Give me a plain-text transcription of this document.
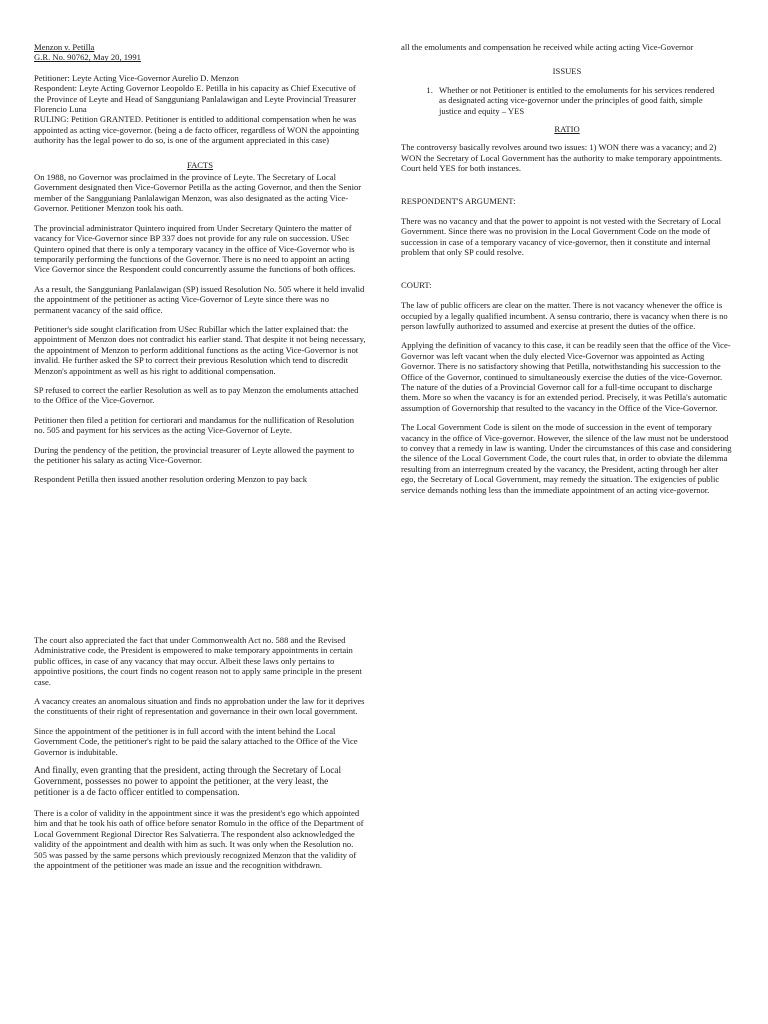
Menzon v. Petilla

G.R. No. 90762, May 20, 1991

Petitioner: Leyte Acting Vice-Governor Aurelio D. Menzon

Respondent: Leyte Acting Governor Leopoldo E. Petilla in his capacity as Chief Executive of the Province of Leyte and Head of Sangguniang Panlalawigan and Leyte Provincial Treasurer Florencio Luna

RULING: Petition GRANTED. Petitioner is entitled to additional compensation when he was appointed as acting vice-governor. (being a de facto officer, regardless of WON the appointing authority has the legal power to do so, is one of the argument appreciated in this case)

FACTS

On 1988, no Governor was proclaimed in the province of Leyte. The Secretary of Local Government designated then Vice-Governor Petilla as the acting Governor, and then the Senior member of the Sangguniang Panlalawigan Menzon, was also designated as the acting Vice-Governor. Petitioner Menzon took his oath.

The provincial administrator Quintero inquired from Under Secretary Quintero the matter of vacancy for Vice-Governor since BP 337 does not provide for any rule on succession. USec Quintero opined that there is only a temporary vacancy in the office of Vice-Governor who is temporarily performing the functions of the Governor. There is no need to appoint an acting Vice Governor since the Respondent could concurrently assume the functions of both offices.

As a result, the Sangguniang Panlalawigan (SP) issued Resolution No. 505 where it held invalid the appointment of the petitioner as acting Vice-Governor of Leyte since there was no permanent vacancy of the said office.

Petitioner's side sought clarification from USec Rubillar which the latter explained that: the appointment of Menzon does not contradict his earlier stand. That despite it not being necessary, the appointment of Menzon to perform additional functions as the acting Vice-Governor is not invalid. He further asked the SP to correct their previous Resolution which tend to discredit Menzon's appointment as well as his right to additional compensation.

SP refused to correct the earlier Resolution as well as to pay Menzon the emoluments attached to the Office of the Vice-Governor.

Petitioner then filed a petition for certiorari and mandamus for the nullification of Resolution no. 505 and payment for his services as the acting Vice-Governor of Leyte.

During the pendency of the petition, the provincial treasurer of Leyte allowed the payment to the petitioner his salary as acting Vice-Governor.

Respondent Petilla then issued another resolution ordering Menzon to pay back

all the emoluments and compensation he received while acting acting Vice-Governor

ISSUES

1. Whether or not Petitioner is entitled to the emoluments for his services rendered as designated acting vice-governor under the principles of good faith, simple justice and equity – YES

RATIO

The controversy basically revolves around two issues: 1) WON there was a vacancy; and 2) WON the Secretary of Local Government has the authority to make temporary appointments. Court held YES for both instances.

RESPONDENT'S ARGUMENT:

There was no vacancy and that the power to appoint is not vested with the Secretary of Local Government. Since there was no provision in the Local Government Code on the mode of succession in case of a temporary vacancy of vice-governor, then it constitute and internal problem that only SP could resolve.

COURT:

The law of public officers are clear on the matter. There is not vacancy whenever the office is occupied by a legally qualified incumbent. A sensu contrario, there is vacancy when there is no person lawfully authorized to assumed and exercise at present the duties of the office.

Applying the definition of vacancy to this case, it can be readily seen that the office of the Vice-Governor was left vacant when the duly elected Vice-Governor was appointed as Acting Governor. There is no satisfactory showing that Petilla, notwithstanding his succession to the Office of the Governor, continued to simultaneously exercise the duties of the vice-Governor. The nature of the duties of a Provincial Governor call for a full-time occupant to discharge them. More so when the vacancy is for an extended period. Precisely, it was Petilla's automatic assumption of Governorship that resulted to the vacancy in the Office of the Vice-Governor.

The Local Government Code is silent on the mode of succession in the event of temporary vacancy in the office of Vice-governor. However, the silence of the law must not be understood to convey that a remedy in law is wanting. Under the circumstances of this case and considering the silence of the Local Government Code, the court rules that, in order to obviate the dilemma resulting from an interregnum created by the vacancy, the President, acting through her alter ego, the Secretary of Local Government, may remedy the situation. The exigencies of public service demands nothing less than the immediate appointment of an acting vice-governor.

The court also appreciated the fact that under Commonwealth Act no. 588 and the Revised Administrative code, the President is empowered to make temporary appointments in certain public offices, in case of any vacancy that may occur. Albeit these laws only pertains to appointive positions, the court finds no cogent reason not to apply same principle in the present case.

A vacancy creates an anomalous situation and finds no approbation under the law for it deprives the constituents of their right of representation and governance in their own local government.

Since the appointment of the petitioner is in full accord with the intent behind the Local Government Code, the petitioner's right to be paid the salary attached to the Office of the Vice Governor is indubitable.

And finally, even granting that the president, acting through the Secretary of Local Government, possesses no power to appoint the petitioner, at the very least, the petitioner is a de facto officer entitled to compensation.

There is a color of validity in the appointment since it was the president's ego which appointed him and that he took his oath of office before senator Romulo in the office of the Department of Local Government Regional Director Res Salvatierra. The respondent also acknowledged the validity of the appointment and dealth with him as such. It was only when the Resolution no. 505 was passed by the same persons which previously recognized Menzon that the validity of the appointment of the petitioner was made an issue and the recognition withdrawn.
